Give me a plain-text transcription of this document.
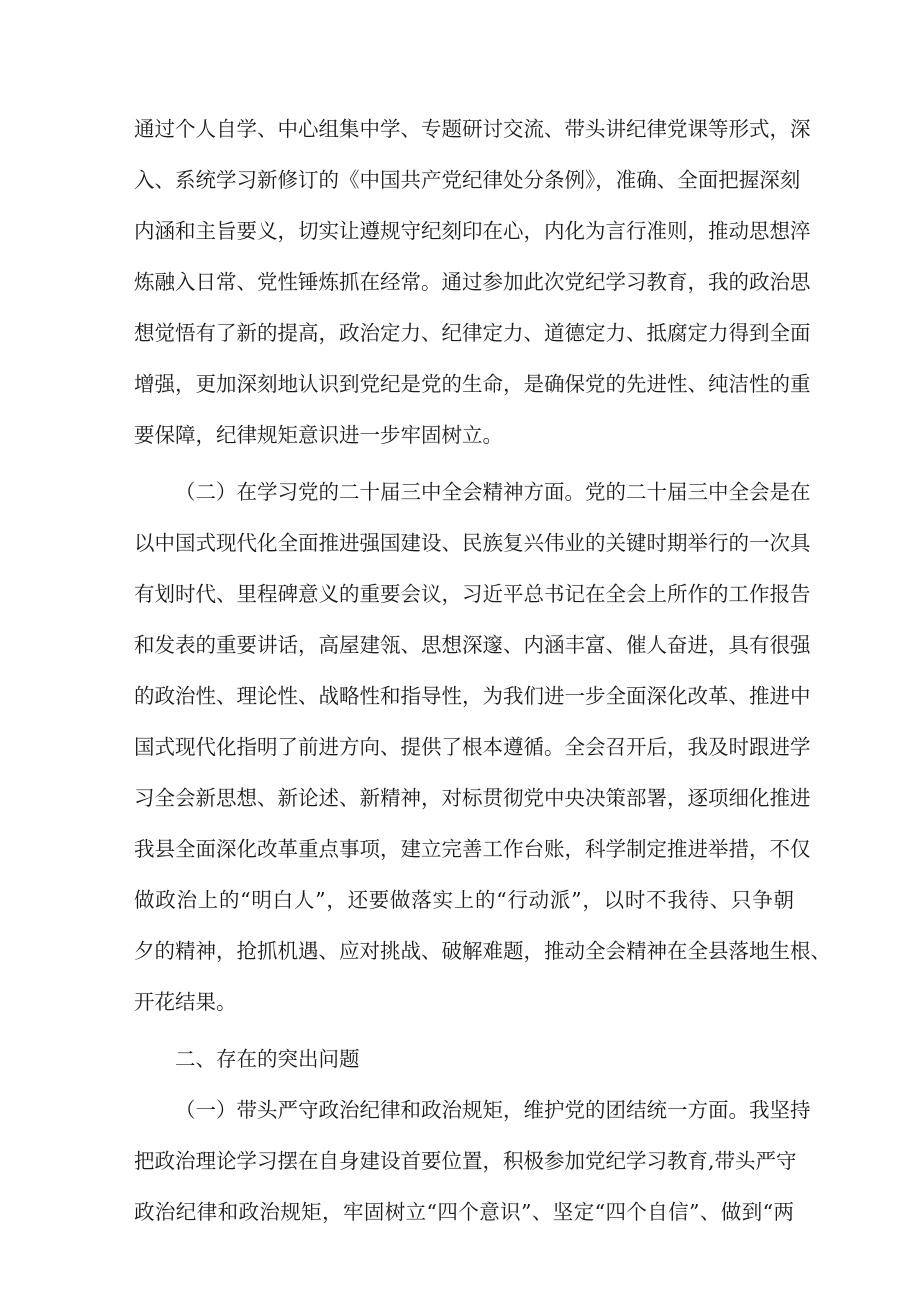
通过个人自学、中心组集中学、专题研讨交流、带头讲纪律党课等形式，深
入、系统学习新修订的《中国共产党纪律处分条例》，准确、全面把握深刻
内涵和主旨要义，切实让遵规守纪刻印在心，内化为言行准则，推动思想淬
炼融入日常、党性锤炼抓在经常。通过参加此次党纪学习教育，我的政治思
想觉悟有了新的提高，政治定力、纪律定力、道德定力、抵腐定力得到全面
增强，更加深刻地认识到党纪是党的生命，是确保党的先进性、纯洁性的重
要保障，纪律规矩意识进一步牢固树立。
（二）在学习党的二十届三中全会精神方面。党的二十届三中全会是在
以中国式现代化全面推进强国建设、民族复兴伟业的关键时期举行的一次具
有划时代、里程碑意义的重要会议，习近平总书记在全会上所作的工作报告
和发表的重要讲话，高屋建瓴、思想深邃、内涵丰富、催人奋进，具有很强
的政治性、理论性、战略性和指导性，为我们进一步全面深化改革、推进中
国式现代化指明了前进方向、提供了根本遵循。全会召开后，我及时跟进学
习全会新思想、新论述、新精神，对标贯彻党中央决策部署，逐项细化推进
我县全面深化改革重点事项，建立完善工作台账，科学制定推进举措，不仅
做政治上的“明白人”，还要做落实上的“行动派”，以时不我待、只争朝
夕的精神，抢抓机遇、应对挑战、破解难题，推动全会精神在全县落地生根、
开花结果。
二、存在的突出问题
（一）带头严守政治纪律和政治规矩，维护党的团结统一方面。我坚持
把政治理论学习摆在自身建设首要位置，积极参加党纪学习教育,带头严守
政治纪律和政治规矩，牢固树立“四个意识”、坚定“四个自信”、做到“两
